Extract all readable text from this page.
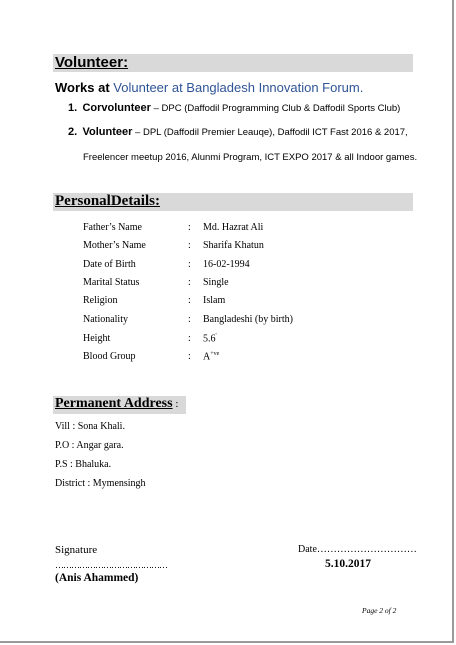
Volunteer:
Works at Volunteer at Bangladesh Innovation Forum.
1. Corvolunteer – DPC (Daffodil Programming Club & Daffodil Sports Club)
2. Volunteer – DPL (Daffodil Premier Leauqe), Daffodil ICT Fast 2016 & 2017,
Freelencer meetup 2016, Alunmi Program, ICT EXPO 2017 & all Indoor games.
PersonalDetails:
Father’s Name	: Md. Hazrat Ali
Mother’s Name	: Sharifa Khatun
Date of Birth	: 16-02-1994
Marital Status	: Single
Religion	: Islam
Nationality	: Bangladeshi (by birth)
Height	: 5.6'
Blood Group	: $A^{+ve}$
Permanent Address :
Vill : Sona Khali.
P.O : Angar gara.
P.S : Bhaluka.
District : Mymensingh
Signature
……………………………………
(Anis Ahammed)
Date…………………………
5.10.2017
Page 2 of 2
